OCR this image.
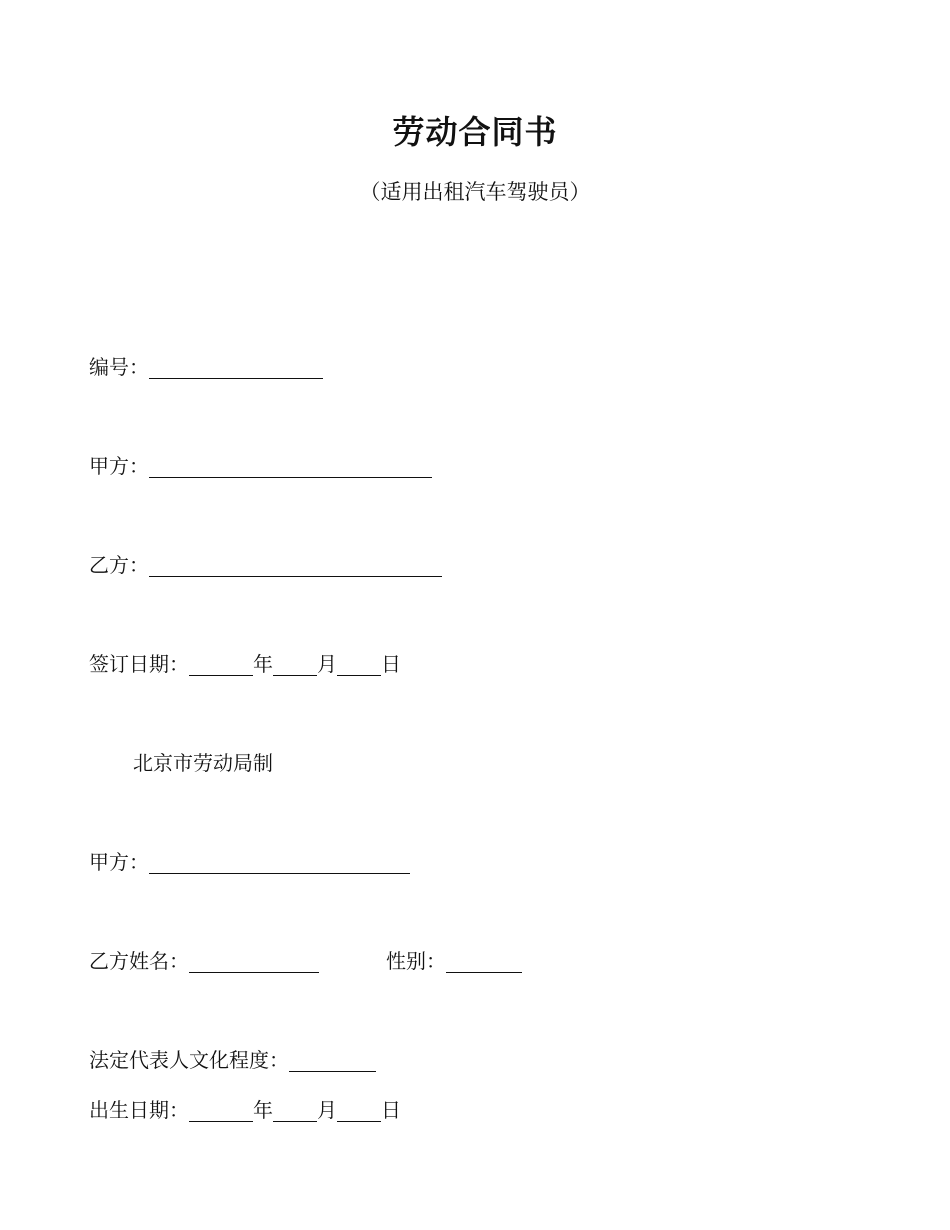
劳动合同书
（适用出租汽车驾驶员）
编号：
甲方：
乙方：
签订日期：	年 月 日
北京市劳动局制
甲方：
乙方姓名：	性别：
法定代表人文化程度：
出生日期：	年 月 日
